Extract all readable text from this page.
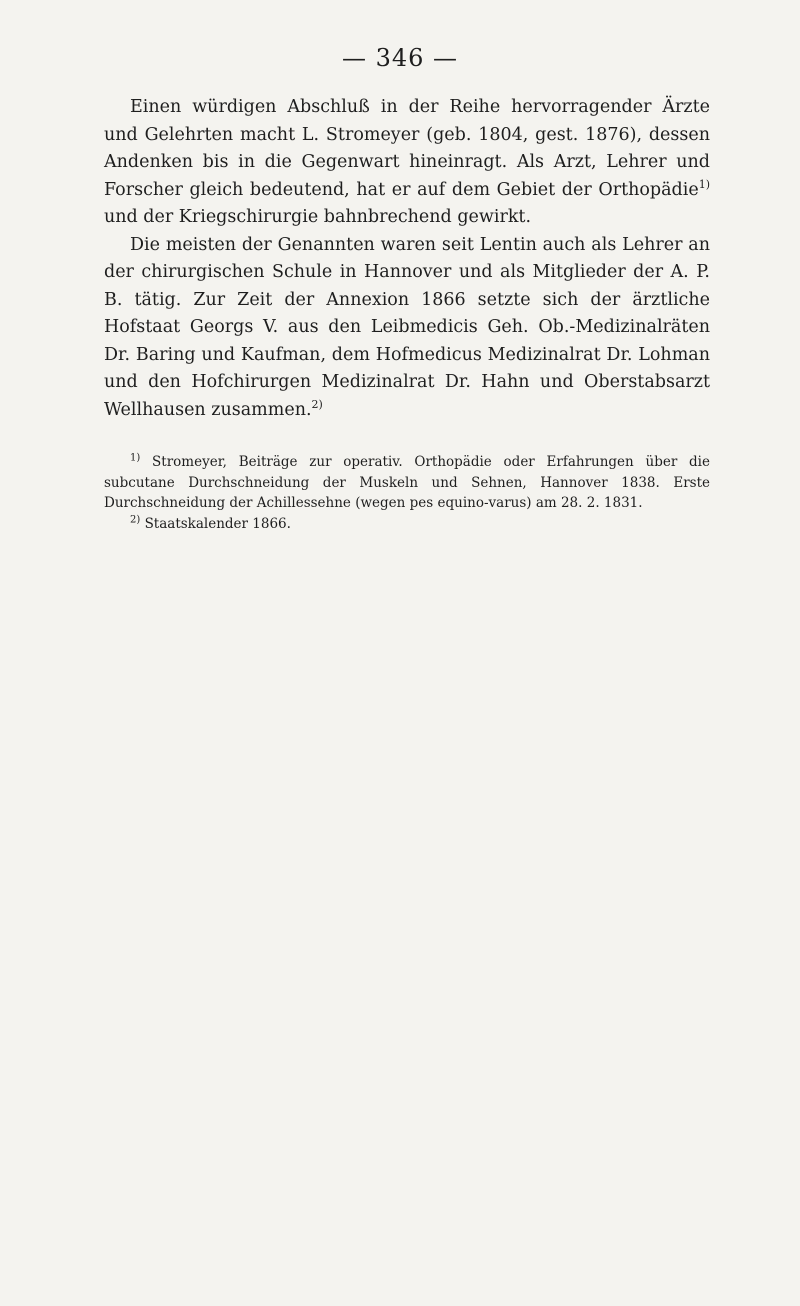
— 346 —

Einen würdigen Abschluß in der Reihe hervorragender Ärzte und Gelehrten macht L. Stromeyer (geb. 1804, gest. 1876), dessen Andenken bis in die Gegenwart hineinragt. Als Arzt, Lehrer und Forscher gleich bedeutend, hat er auf dem Gebiet der Orthopädie$^{1)}$ und der Kriegschirurgie bahnbrechend gewirkt.

Die meisten der Genannten waren seit Lentin auch als Lehrer an der chirurgischen Schule in Hannover und als Mitglieder der A. P. B. tätig. Zur Zeit der Annexion 1866 setzte sich der ärztliche Hofstaat Georgs V. aus den Leibmedicis Geh. Ob.-Medizinalräten Dr. Baring und Kaufman, dem Hofmedicus Medizinalrat Dr. Lohman und den Hofchirurgen Medizinalrat Dr. Hahn und Oberstabsarzt Wellhausen zusammen.$^{2)}$

$^{1)}$ Stromeyer, Beiträge zur operativ. Orthopädie oder Erfahrungen über die subcutane Durchschneidung der Muskeln und Sehnen, Hannover 1838. Erste Durchschneidung der Achillessehne (wegen pes equino-varus) am 28. 2. 1831.

$^{2)}$ Staatskalender 1866.
